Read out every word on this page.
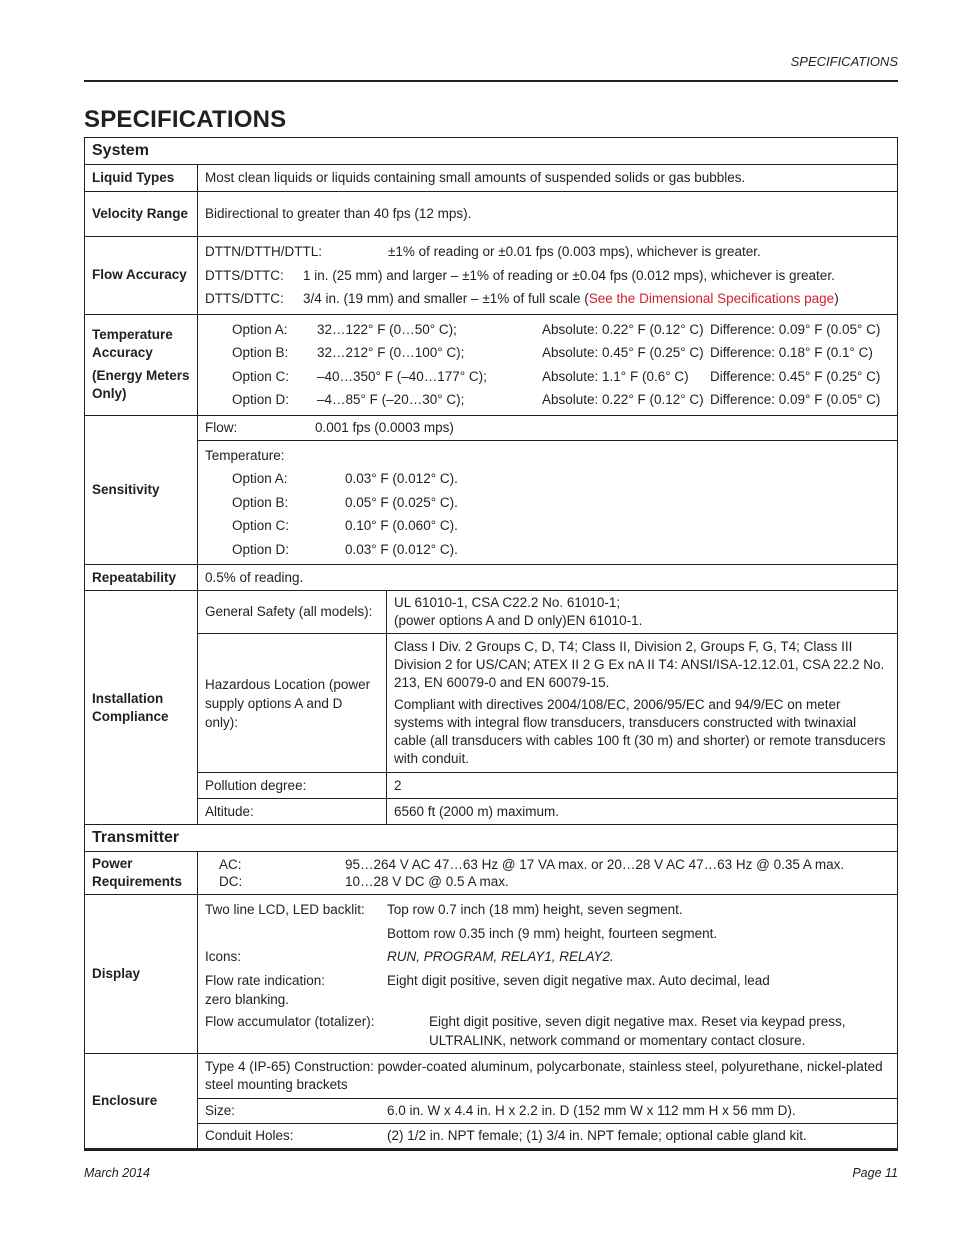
SPECIFICATIONS
SPECIFICATIONS
System		
Liquid Types	Most clean liquids or liquids containing small amounts of suspended solids or gas bubbles.	
Velocity Range	Bidirectional to greater than 40 fps (12 mps).	
Flow Accuracy	
DTTN/DTTH/DTTL:	±1% of reading or ±0.01 fps (0.003 mps), whichever is greater.
DTTS/DTTC:	1 in. (25 mm) and larger – ±1% of reading or ±0.04 fps (0.012 mps), whichever is greater.
DTTS/DTTC:	3/4 in. (19 mm) and smaller – ±1% of full scale (See the Dimensional Specifications page)

Temperature Accuracy
(Energy Meters Only)

Option A:	32…122° F (0…50° C);	Absolute: 0.22° F (0.12° C) Difference: 0.09° F (0.05° C)
Option B:	32…212° F (0…100° C);	Absolute: 0.45° F (0.25° C) Difference: 0.18° F (0.1° C)
Option C:	–40…350° F (–40…177° C);	Absolute: 1.1° F (0.6° C)	Difference: 0.45° F (0.25° C)
Option D:	–4…85° F (–20…30° C);	Absolute: 0.22° F (0.12° C) Difference: 0.09° F (0.05° C)

Sensitivity	Flow: 0.001 fps (0.0003 mps)	

Temperature:
Option A:	0.03° F (0.012° C).
Option B:	0.05° F (0.025° C).
Option C:	0.10° F (0.060° C).
Option D:	0.03° F (0.012° C).

Repeatability	0.5% of reading.	
Installation Compliance	General Safety (all models):	UL 61010-1, CSA C22.2 No. 61010-1;
(power options A and D only)EN 61010-1.

	Hazardous Location (power supply options A and D only):	Class I Div. 2 Groups C, D, T4; Class II, Division 2, Groups F, G, T4; Class III Division 2 for US/CAN; ATEX II 2 G Ex nA II T4: ANSI/ISA-12.12.01, CSA 22.2 No. 213, EN 60079-0 and EN 60079-15.

Compliant with directives 2004/108/EC, 2006/95/EC and 94/9/EC on meter systems with integral flow transducers, transducers constructed with twinaxial cable (all transducers with cables 100 ft (30 m) and shorter) or remote transducers with conduit.

	Pollution degree:	2
	Altitude:	6560 ft (2000 m) maximum.
Transmitter		
Power Requirements	AC: 95…264 V AC 47…63 Hz @ 17 VA max. or 20…28 V AC 47…63 Hz @ 0.35 A max.
DC: 10…28 V DC @ 0.5 A max.	

Display	
Two line LCD, LED backlit:	Top row 0.7 inch (18 mm) height, seven segment.
Bottom row 0.35 inch (9 mm) height, fourteen segment.
Icons:	RUN, PROGRAM, RELAY1, RELAY2.
Flow rate indication:	Eight digit positive, seven digit negative max. Auto decimal, lead
zero blanking.
Flow accumulator (totalizer):	Eight digit positive, seven digit negative max. Reset via keypad press, ULTRALINK, network command or momentary contact closure.

Enclosure	Type 4 (IP-65) Construction: powder-coated aluminum, polycarbonate, stainless steel, polyurethane, nickel-plated steel mounting brackets	

	Size: 6.0 in. W x 4.4 in. H x 2.2 in. D (152 mm W x 112 mm H x 56 mm D).	

	Conduit Holes: (2) 1/2 in. NPT female; (1) 3/4 in. NPT female; optional cable gland kit.	
March 2014	Page 11
